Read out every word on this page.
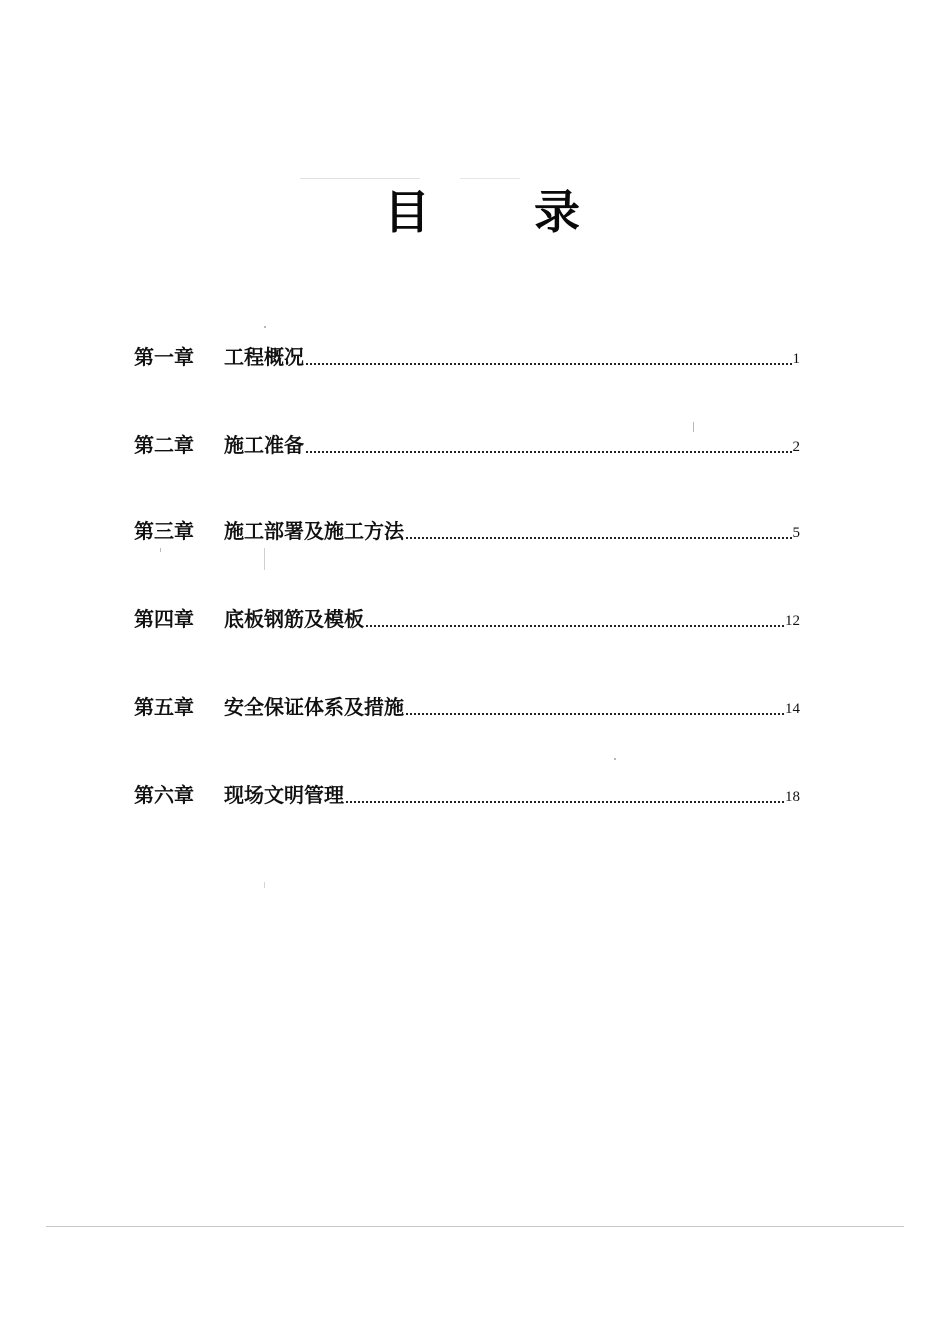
目 录
第一章	工程概况	1
第二章	施工准备	2
第三章	施工部署及施工方法	5
第四章	底板钢筋及模板	12
第五章	安全保证体系及措施	14
第六章	现场文明管理	18
